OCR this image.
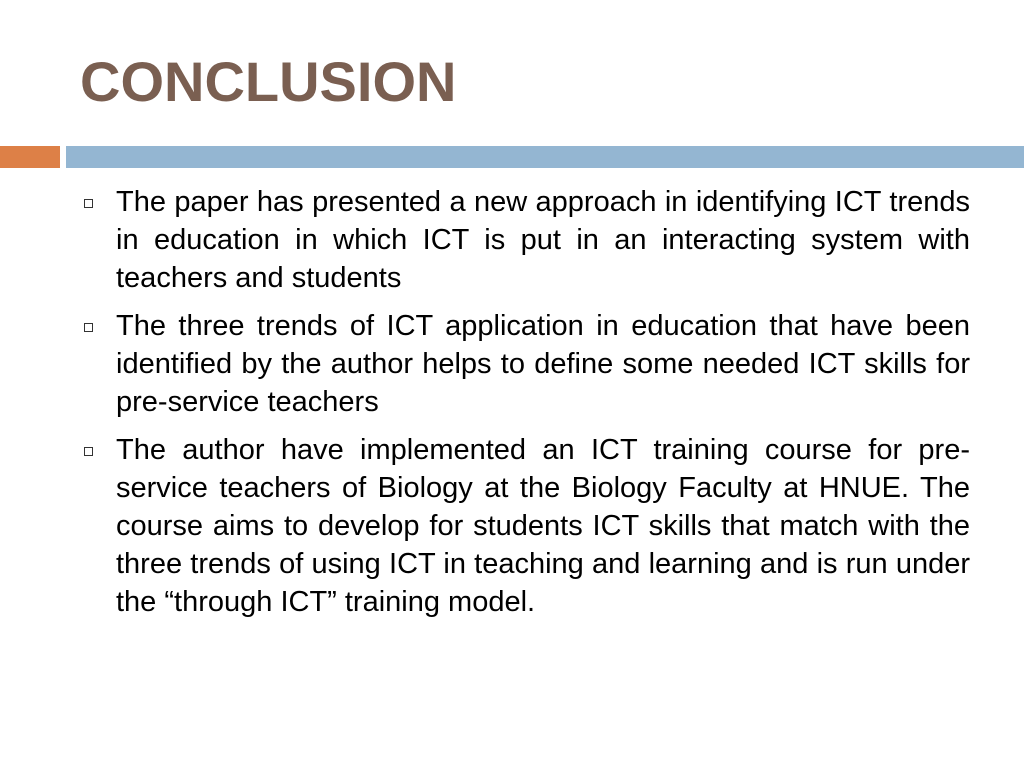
CONCLUSION
The paper has presented a new approach in identifying ICT trends in education in which ICT is put in an interacting system with teachers and students
The three trends of ICT application in education that have been identified by the author helps to define some needed ICT skills for pre-service teachers
The author have implemented an ICT training course for pre-service teachers of Biology at the Biology Faculty at HNUE. The course aims to develop for students ICT skills that match with the three trends of using ICT in teaching and learning and is run under the “through ICT” training model.
